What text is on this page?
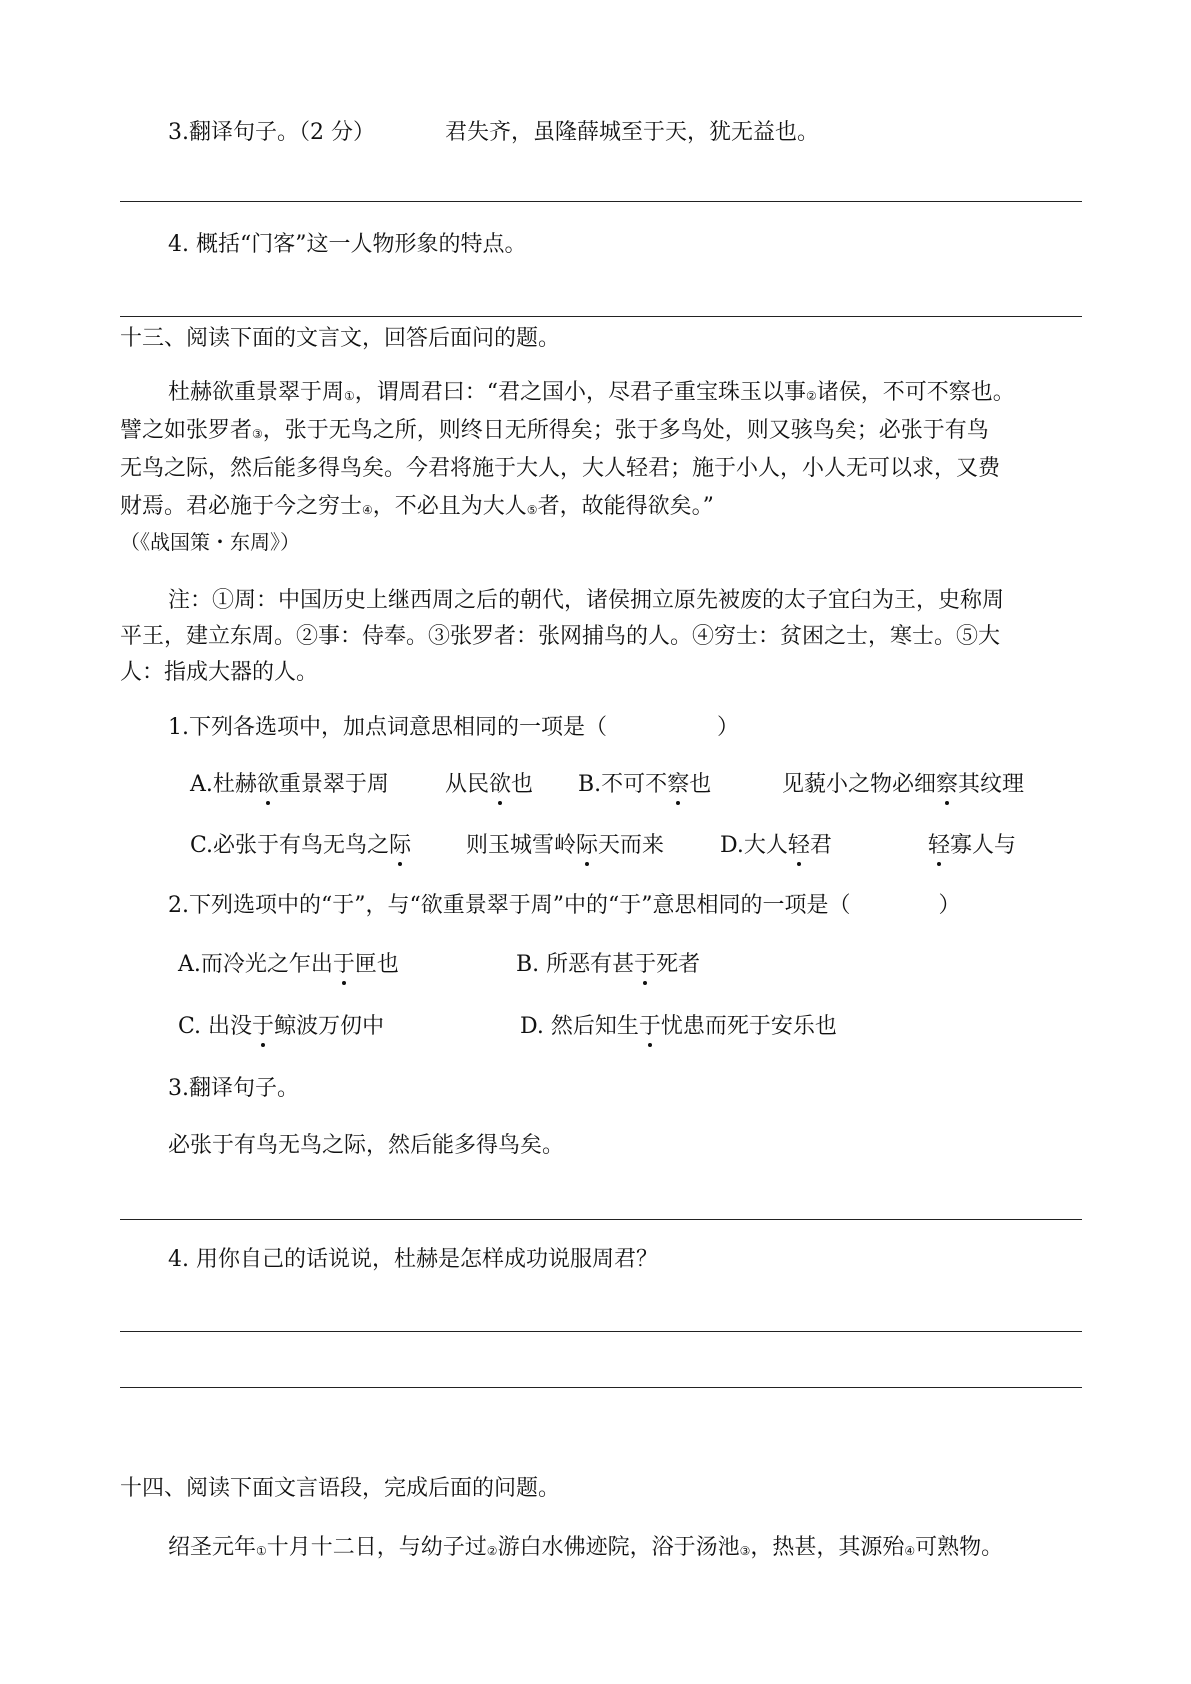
3.翻译句子。（2 分）	君失齐，虽隆薛城至于天，犹无益也。
4. 概括“门客”这一人物形象的特点。
十三、阅读下面的文言文，回答后面问的题。
杜赫欲重景翠于周$_①$，谓周君曰：“君之国小，尽君子重宝珠玉以事$_②$诸侯，不可不察也。
譬之如张罗者$_③$，张于无鸟之所，则终日无所得矣；张于多鸟处，则又骇鸟矣；必张于有鸟
无鸟之际，然后能多得鸟矣。今君将施于大人，大人轻君；施于小人，小人无可以求，又费
财焉。君必施于今之穷士$_④$，不必且为大人$_⑤$者，故能得欲矣。”
（《战国策・东周》）
注：①周：中国历史上继西周之后的朝代，诸侯拥立原先被废的太子宜臼为王，史称周
平王，建立东周。②事：侍奉。③张罗者：张网捕鸟的人。④穷士：贫困之士，寒士。⑤大
人：指成大器的人。
1.下列各选项中，加点词意思相同的一项是（　　　　　）
A.杜赫欲重景翠于周	从民欲也 B.不可不察也	见藐小之物必细察其纹理
C.必张于有鸟无鸟之际 则玉城雪岭际天而来	D.大人轻君	轻寡人与
2.下列选项中的“于”，与“欲重景翠于周”中的“于”意思相同的一项是（　　　　）
A.而冷光之乍出于匣也	B. 所恶有甚于死者
C. 出没于鲸波万仞中	D. 然后知生于忧患而死于安乐也
3.翻译句子。
必张于有鸟无鸟之际，然后能多得鸟矣。
4. 用你自己的话说说，杜赫是怎样成功说服周君？
十四、阅读下面文言语段，完成后面的问题。
绍圣元年$_①$十月十二日，与幼子过$_②$游白水佛迹院，浴于汤池$_③$，热甚，其源殆$_④$可熟物。
